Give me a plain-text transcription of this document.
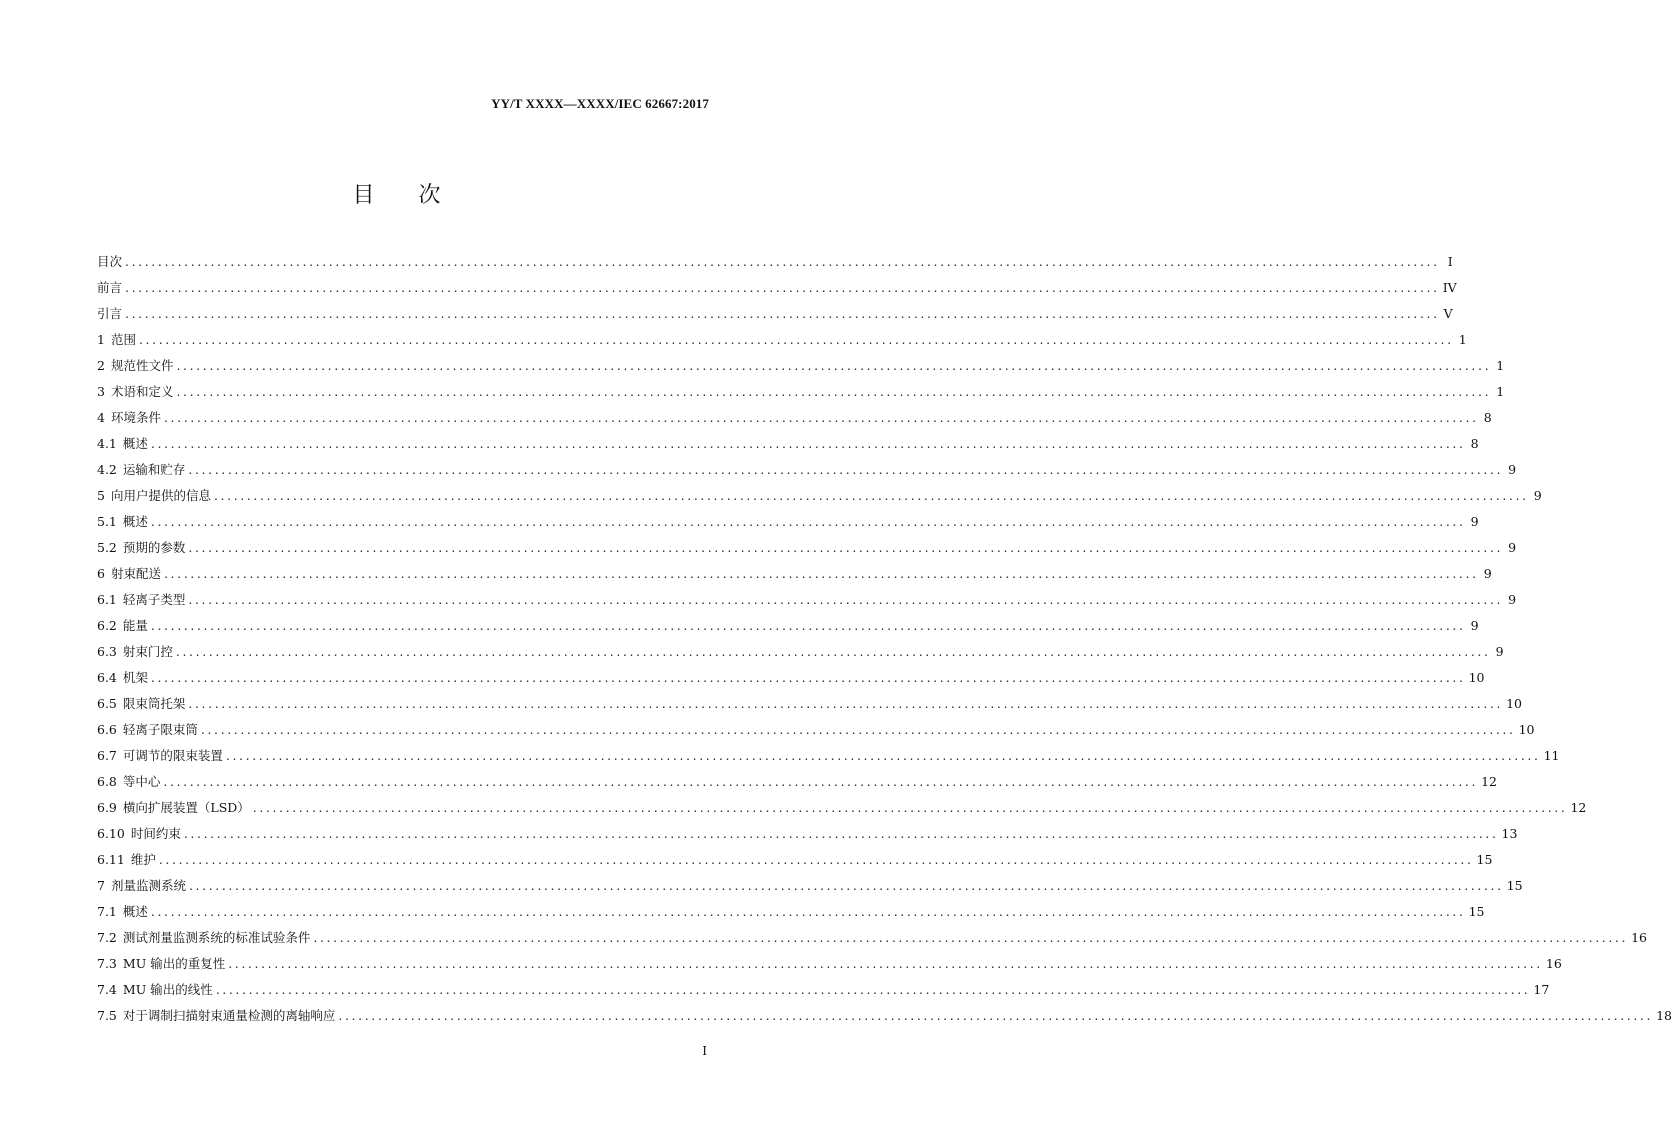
YY/T XXXX—XXXX/IEC 62667:2017
目 次
目次 ........................................................................................................................................................................................................ I
前言 ........................................................................................................................................................................................................ IV
引言 ........................................................................................................................................................................................................ V
1 范围 ........................................................................................................................................................................................................ 1
2 规范性文件 ........................................................................................................................................................................................................ 1
3 术语和定义 ........................................................................................................................................................................................................ 1
4 环境条件 ........................................................................................................................................................................................................ 8
4.1 概述 ........................................................................................................................................................................................................ 8
4.2 运输和贮存 ........................................................................................................................................................................................................ 9
5 向用户提供的信息 ........................................................................................................................................................................................................ 9
5.1 概述 ........................................................................................................................................................................................................ 9
5.2 预期的参数 ........................................................................................................................................................................................................ 9
6 射束配送 ........................................................................................................................................................................................................ 9
6.1 轻离子类型 ........................................................................................................................................................................................................ 9
6.2 能量 ........................................................................................................................................................................................................ 9
6.3 射束门控 ........................................................................................................................................................................................................ 9
6.4 机架 ........................................................................................................................................................................................................ 10
6.5 限束筒托架 ........................................................................................................................................................................................................ 10
6.6 轻离子限束筒 ........................................................................................................................................................................................................ 10
6.7 可调节的限束装置 ........................................................................................................................................................................................................ 11
6.8 等中心 ........................................................................................................................................................................................................ 12
6.9 横向扩展装置（LSD） ........................................................................................................................................................................................................ 12
6.10 时间约束 ........................................................................................................................................................................................................ 13
6.11 维护 ........................................................................................................................................................................................................ 15
7 剂量监测系统 ........................................................................................................................................................................................................ 15
7.1 概述 ........................................................................................................................................................................................................ 15
7.2 测试剂量监测系统的标准试验条件 ........................................................................................................................................................................................................ 16
7.3 MU 输出的重复性 ........................................................................................................................................................................................................ 16
7.4 MU 输出的线性 ........................................................................................................................................................................................................ 17
7.5 对于调制扫描射束通量检测的离轴响应 ........................................................................................................................................................................................................ 18
I
